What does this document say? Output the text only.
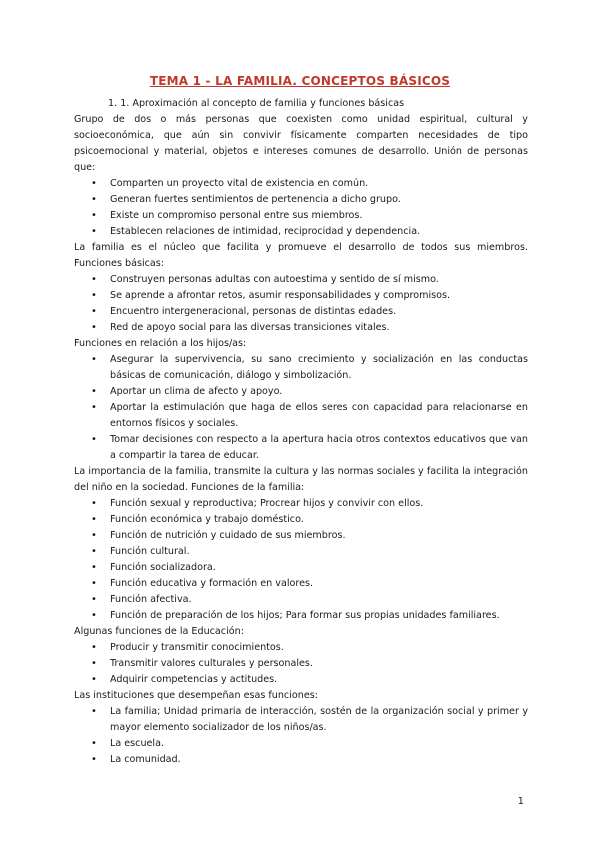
TEMA 1 - LA FAMILIA. CONCEPTOS BÁSICOS

1. 1. Aproximación al concepto de familia y funciones básicas

Grupo de dos o más personas que coexisten como unidad espiritual, cultural y socioeconómica, que aún sin convivir físicamente comparten necesidades de tipo psicoemocional y material, objetos e intereses comunes de desarrollo. Unión de personas que:

• Comparten un proyecto vital de existencia en común.
• Generan fuertes sentimientos de pertenencia a dicho grupo.
• Existe un compromiso personal entre sus miembros.
• Establecen relaciones de intimidad, reciprocidad y dependencia.

La familia es el núcleo que facilita y promueve el desarrollo de todos sus miembros. Funciones básicas:

• Construyen personas adultas con autoestima y sentido de sí mismo.
• Se aprende a afrontar retos, asumir responsabilidades y compromisos.
• Encuentro intergeneracional, personas de distintas edades.
• Red de apoyo social para las diversas transiciones vitales.

Funciones en relación a los hijos/as:

• Asegurar la supervivencia, su sano crecimiento y socialización en las conductas básicas de comunicación, diálogo y simbolización.
• Aportar un clima de afecto y apoyo.
• Aportar la estimulación que haga de ellos seres con capacidad para relacionarse en entornos físicos y sociales.
• Tomar decisiones con respecto a la apertura hacia otros contextos educativos que van a compartir la tarea de educar.

La importancia de la familia, transmite la cultura y las normas sociales y facilita la integración del niño en la sociedad. Funciones de la familia:

• Función sexual y reproductiva; Procrear hijos y convivir con ellos.
• Función económica y trabajo doméstico.
• Función de nutrición y cuidado de sus miembros.
• Función cultural.
• Función socializadora.
• Función educativa y formación en valores.
• Función afectiva.
• Función de preparación de los hijos; Para formar sus propias unidades familiares.

Algunas funciones de la Educación:

• Producir y transmitir conocimientos.
• Transmitir valores culturales y personales.
• Adquirir competencias y actitudes.

Las instituciones que desempeñan esas funciones:

• La familia; Unidad primaria de interacción, sostén de la organización social y primer y mayor elemento socializador de los niños/as.
• La escuela.
• La comunidad.
1
